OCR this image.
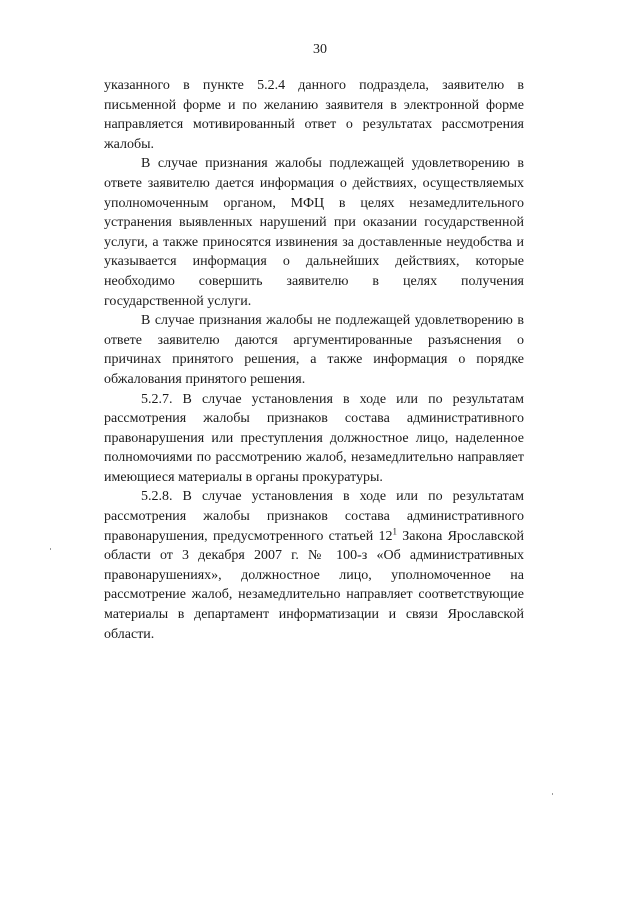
30

указанного в пункте 5.2.4 данного подраздела, заявителю в письменной форме и по желанию заявителя в электронной форме направляется мотивированный ответ о результатах рассмотрения жалобы.

В случае признания жалобы подлежащей удовлетворению в ответе заявителю дается информация о действиях, осуществляемых уполномоченным органом, МФЦ в целях незамедлительного устранения выявленных нарушений при оказании государственной услуги, а также приносятся извинения за доставленные неудобства и указывается информация о дальнейших действиях, которые необходимо совершить заявителю в целях получения государственной услуги.

В случае признания жалобы не подлежащей удовлетворению в ответе заявителю даются аргументированные разъяснения о причинах принятого решения, а также информация о порядке обжалования принятого решения.

5.2.7. В случае установления в ходе или по результатам рассмотрения жалобы признаков состава административного правонарушения или преступления должностное лицо, наделенное полномочиями по рассмотрению жалоб, незамедлительно направляет имеющиеся материалы в органы прокуратуры.

5.2.8. В случае установления в ходе или по результатам рассмотрения жалобы признаков состава административного правонарушения, предусмотренного статьей $12^1$ Закона Ярославской области от 3 декабря 2007 г. № 100-з «Об административных правонарушениях», должностное лицо, уполномоченное на рассмотрение жалоб, незамедлительно направляет соответствующие материалы в департамент информатизации и связи Ярославской области.
